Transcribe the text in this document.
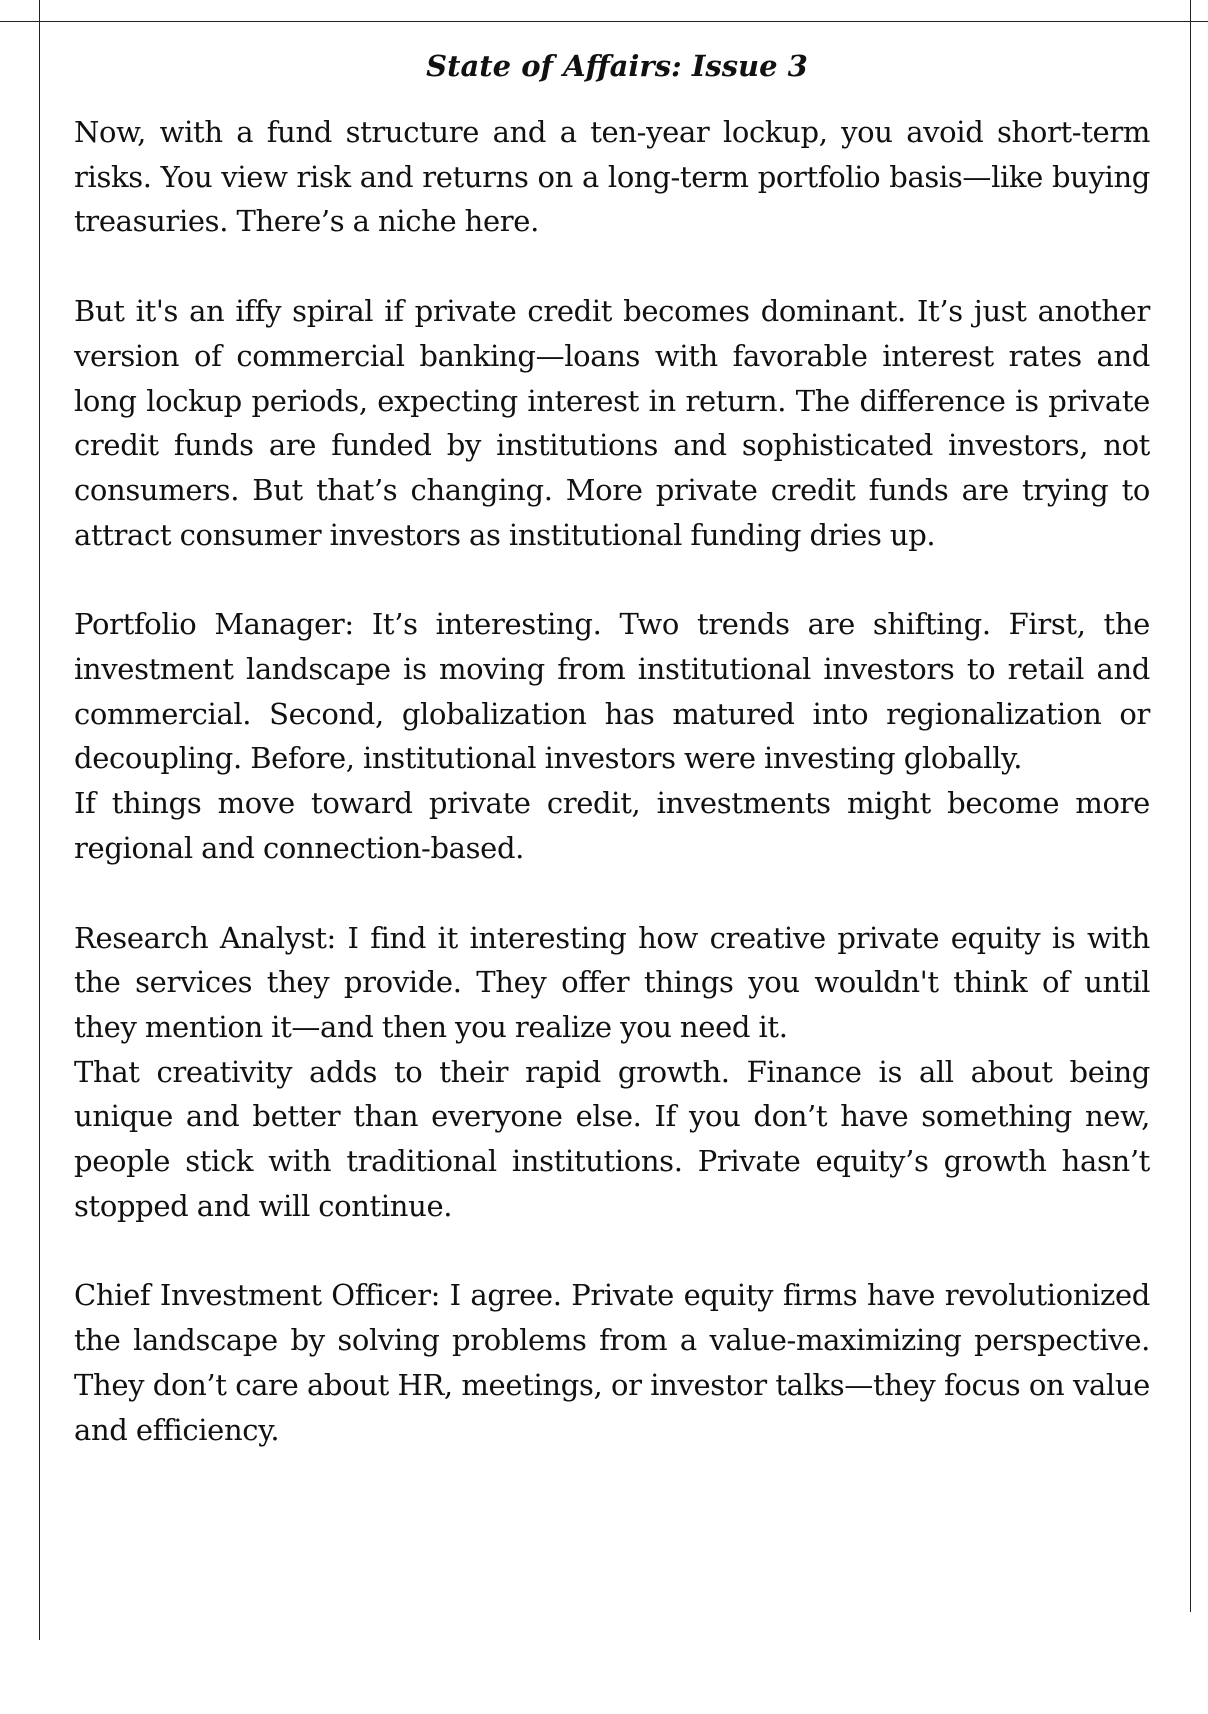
State of Affairs: Issue 3

Now, with a fund structure and a ten-year lockup, you avoid short-term risks. You view risk and returns on a long-term portfolio basis—like buying treasuries. There’s a niche here.

But it's an iffy spiral if private credit becomes dominant. It’s just another version of commercial banking—loans with favorable interest rates and long lockup periods, expecting interest in return. The difference is private credit funds are funded by institutions and sophisticated investors, not consumers. But that’s changing. More private credit funds are trying to attract consumer investors as institutional funding dries up.

Portfolio Manager: It’s interesting. Two trends are shifting. First, the investment landscape is moving from institutional investors to retail and commercial. Second, globalization has matured into regionalization or decoupling. Before, institutional investors were investing globally.
If things move toward private credit, investments might become more regional and connection-based.

Research Analyst: I find it interesting how creative private equity is with the services they provide. They offer things you wouldn't think of until they mention it—and then you realize you need it.
That creativity adds to their rapid growth. Finance is all about being unique and better than everyone else. If you don’t have something new, people stick with traditional institutions. Private equity’s growth hasn’t stopped and will continue.

Chief Investment Officer: I agree. Private equity firms have revolutionized the landscape by solving problems from a value-maximizing perspective. They don’t care about HR, meetings, or investor talks—they focus on value and efficiency.
